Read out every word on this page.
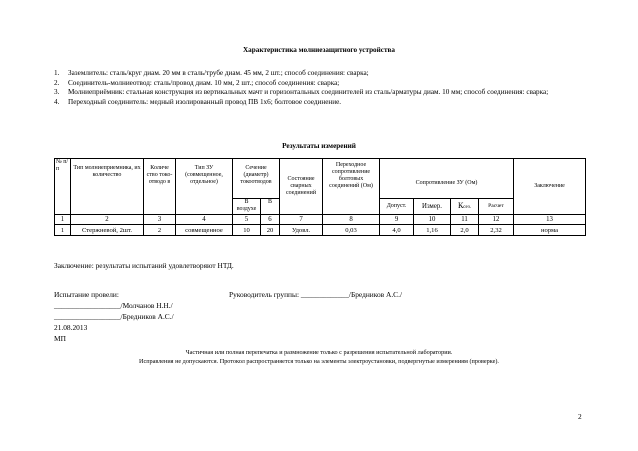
Характеристика молниезащитного устройства
1. Заземлитель: сталь/круг диам. 20 мм в сталь/трубе диам. 45 мм, 2 шт.; способ соединения: сварка;
2. Соединитель-молниеотвод: сталь/провод диам. 10 мм, 2 шт.; способ соединения: сварка;
3. Молниеприёмник: стальная конструкция из вертикальных мачт и горизонтальных соединителей из сталь/арматуры диам. 10 мм; способ соединения: сварка;
4. Переходный соединитель: медный изолированный провод ПВ 1х6; болтовое соединение.
Результаты измерений
№ п/п	Тип молниеприемника, их количество	Количе ство токо- отводо в	Тип ЗУ (совмещенное, отдельное)	Сечение (диаметр) токоотводов		Состояние сварных соединений	Переходное сопротивление болтовых соединений (Ом)	Сопротивление ЗУ (Ом)				Заключение
				В воздухе	В			Допуст.	Измер.	Ксез.	Расчет	
1	2	3	4	5	6	7	8	9	10	11	12	13
1	Стержневой, 2шт.	2	совмещенное	10	20	Удовл.	0,03	4,0	1,16	2,0	2,32	норма
Заключение: результаты испытаний удовлетворяют НТД.
Испытание провели:	Руководитель группы: _____________/Бредников А.С./
__________________/Молчанов Н.Н./
__________________/Бредников А.С./
21.08.2013
МП
Частичная или полная перепечатка и размножение только с разрешения испытательной лаборатории.
Исправления не допускаются. Протокол распространяется только на элементы электроустановки, подвергнутые измерениям (проверке).
2
